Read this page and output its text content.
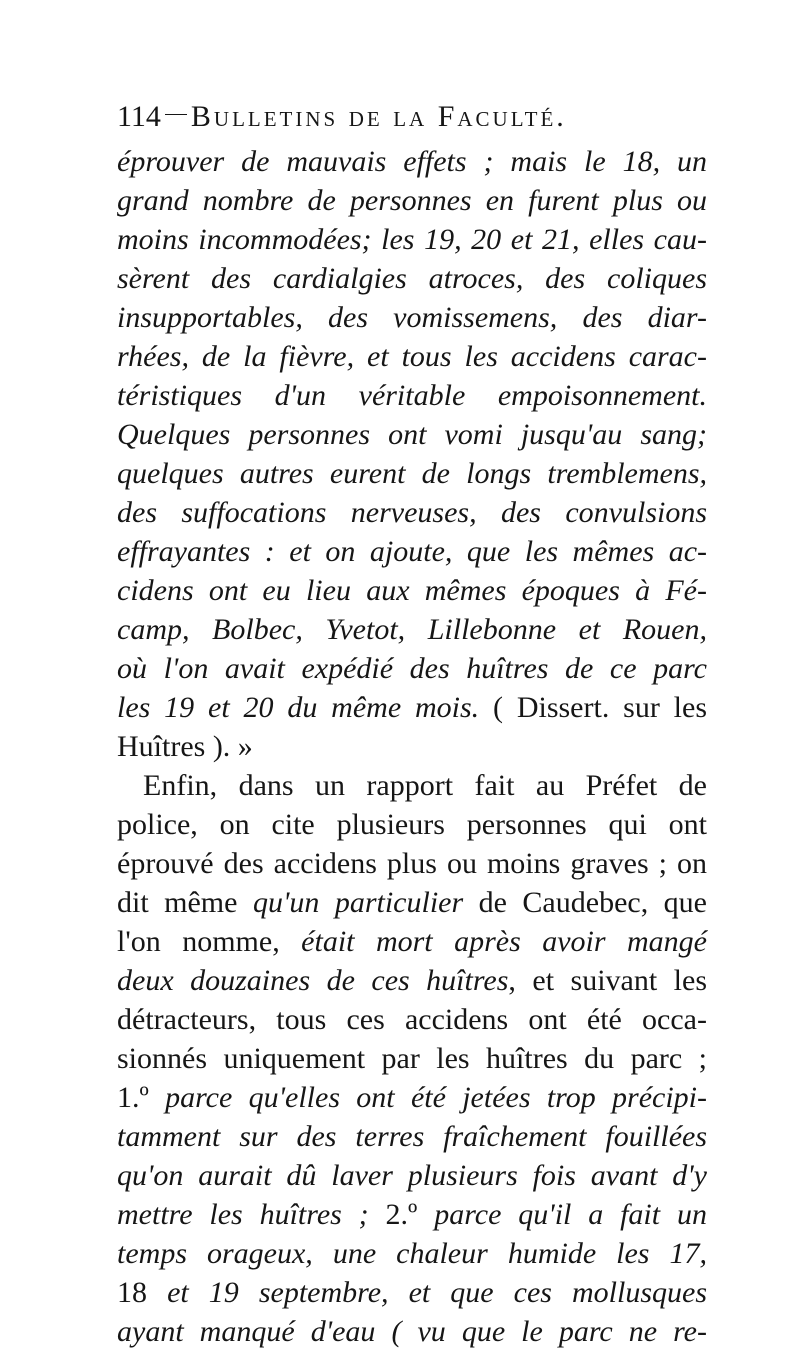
114 Bulletins de la Faculté.
éprouver de mauvais effets ; mais le 18, un
grand nombre de personnes en furent plus ou
moins incommodées; les 19, 20 et 21, elles cau-
sèrent des cardialgies atroces, des coliques
insupportables, des vomissemens, des diar-
rhées, de la fièvre, et tous les accidens carac-
téristiques d'un véritable empoisonnement.
Quelques personnes ont vomi jusqu'au sang;
quelques autres eurent de longs tremblemens,
des suffocations nerveuses, des convulsions
effrayantes : et on ajoute, que les mêmes ac-
cidens ont eu lieu aux mêmes époques à Fé-
camp, Bolbec, Yvetot, Lillebonne et Rouen,
où l'on avait expédié des huîtres de ce parc
les 19 et 20 du même mois. ( Dissert. sur les
Huîtres ). »
Enfin, dans un rapport fait au Préfet de
police, on cite plusieurs personnes qui ont
éprouvé des accidens plus ou moins graves ; on
dit même qu'un particulier de Caudebec, que
l'on nomme, était mort après avoir mangé
deux douzaines de ces huîtres, et suivant les
détracteurs, tous ces accidens ont été occa-
sionnés uniquement par les huîtres du parc ;
1.º parce qu'elles ont été jetées trop précipi-
tamment sur des terres fraîchement fouillées
qu'on aurait dû laver plusieurs fois avant d'y
mettre les huîtres ; 2.º parce qu'il a fait un
temps orageux, une chaleur humide les 17,
18 et 19 septembre, et que ces mollusques
ayant manqué d'eau ( vu que le parc ne re-
